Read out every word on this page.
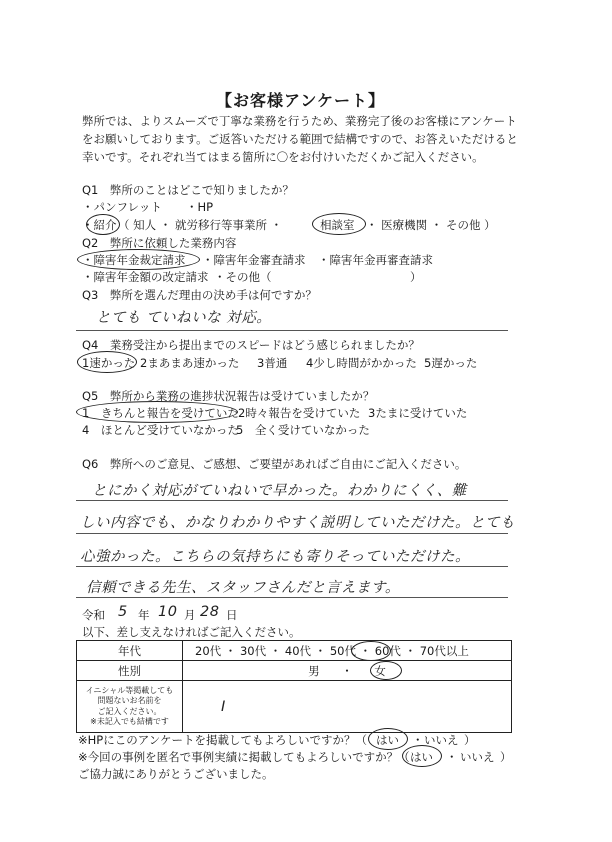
【お客様アンケート】
弊所では、よりスムーズで丁寧な業務を行うため、業務完了後のお客様にアンケート
をお願いしております。ご返答いただける範囲で結構ですので、お答えいただけると
幸いです。それぞれ当てはまる箇所に〇をお付けいただくかご記入ください。
Q1　弊所のことはどこで知りましたか？
・パンフレット ・HP
・紹介 （ 知人 ・ 就労移行等事業所 ・	相談室 ・ 医療機関 ・ その他 ）
Q2　弊所に依頼した業務内容
・障害年金裁定請求 ・障害年金審査請求 ・障害年金再審査請求
・障害年金額の改定請求 ・その他（	）
Q3　弊所を選んだ理由の決め手は何ですか？
とても ていねいな 対応。
Q4　業務受注から提出までのスピードはどう感じられましたか？
1速かった 2まあまあ速かった 3普通 4少し時間がかかった 5遅かった
Q5　弊所から業務の進捗状況報告は受けていましたか？
1　きちんと報告を受けていた 2時々報告を受けていた 3たまに受けていた
4　ほとんど受けていなかった
5　全く受けていなかった
Q6　弊所へのご意見、ご感想、ご要望があればご自由にご記入ください。
とにかく対応がていねいで早かった。わかりにくく、難
しい内容でも、かなりわかりやすく説明していただけた。とても
心強かった。こちらの気持ちにも寄りそっていただけた。
信頼できる先生、スタッフさんだと言えます。
令和 5 年 10 月 28 日
以下、差し支えなければご記入ください。
年代	20代 ・ 30代 ・ 40代 ・ 50代 ・ 60代 ・ 70代以上

性別	男 ・ 女

イニシャル等掲載しても
問題ないお名前を
ご記入ください。
※未記入でも結構です	I
※HPにこのアンケートを掲載してもよろしいですか？（ はい ・ いいえ ）
※今回の事例を匿名で事例実績に掲載してもよろしいですか？（ はい ・ いいえ ）
ご協力誠にありがとうございました。
